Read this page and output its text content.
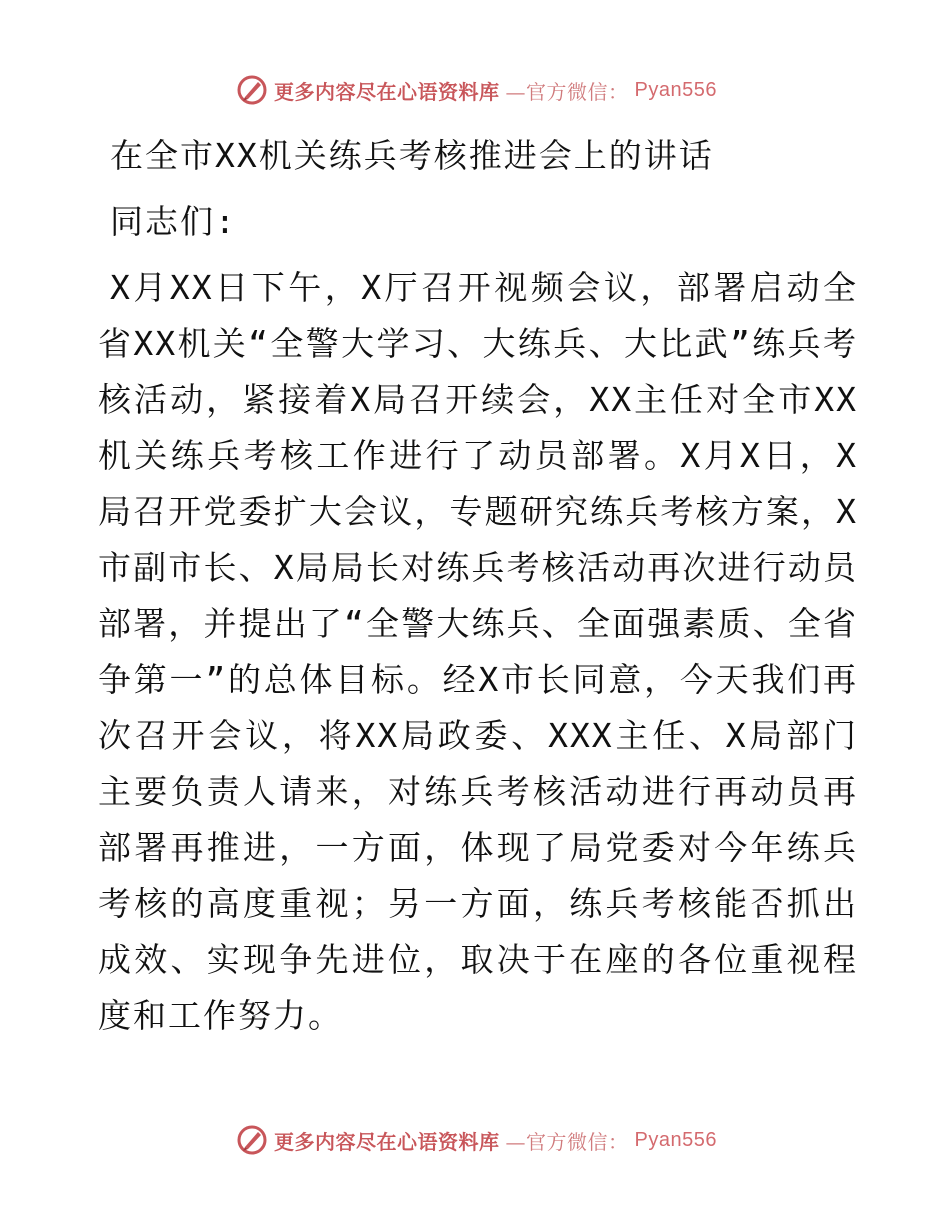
更多内容尽在心语资料库 —官方微信： Pyan556
在全市XX机关练兵考核推进会上的讲话
同志们:
X月XX日下午，X厅召开视频会议，部署启动全省XX机关“全警大学习、大练兵、大比武”练兵考核活动，紧接着X局召开续会，XX主任对全市XX机关练兵考核工作进行了动员部署。X月X日，X局召开党委扩大会议，专题研究练兵考核方案，X市副市长、X局局长对练兵考核活动再次进行动员部署，并提出了“全警大练兵、全面强素质、全省争第一”的总体目标。经X市长同意，今天我们再次召开会议，将XX局政委、XXX主任、X局部门主要负责人请来，对练兵考核活动进行再动员再部署再推进，一方面，体现了局党委对今年练兵考核的高度重视；另一方面，练兵考核能否抓出成效、实现争先进位，取决于在座的各位重视程度和工作努力。
更多内容尽在心语资料库 —官方微信： Pyan556
